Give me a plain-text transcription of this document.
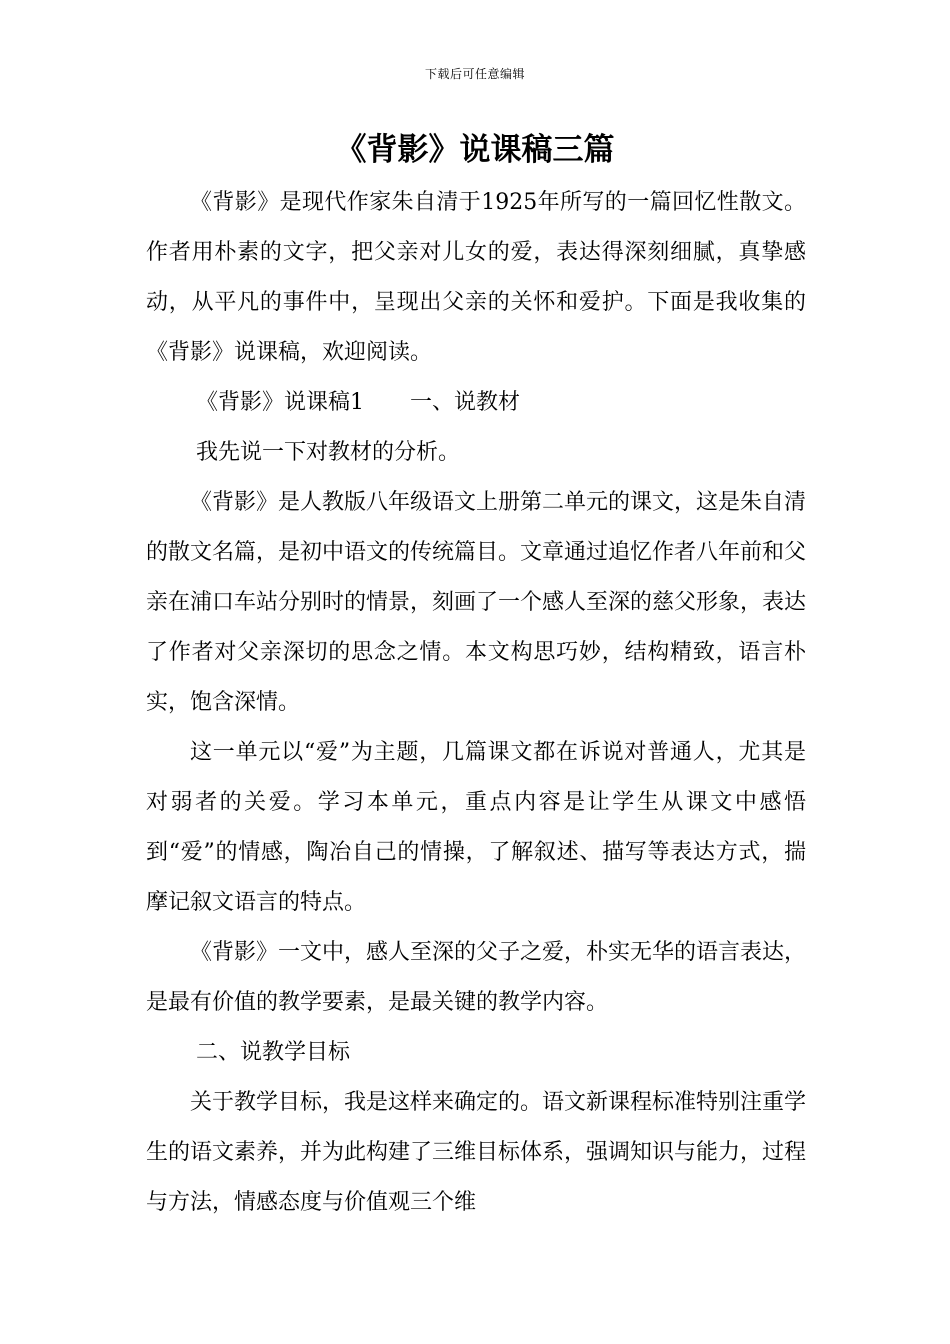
下载后可任意编辑
《背影》说课稿三篇

《背影》是现代作家朱自清于1925年所写的一篇回忆性散文。作者用朴素的文字，把父亲对儿女的爱，表达得深刻细腻，真挚感动，从平凡的事件中，呈现出父亲的关怀和爱护。下面是我收集的《背影》说课稿，欢迎阅读。

《背影》说课稿1 一、说教材

我先说一下对教材的分析。

《背影》是人教版八年级语文上册第二单元的课文，这是朱自清的散文名篇，是初中语文的传统篇目。文章通过追忆作者八年前和父亲在浦口车站分别时的情景，刻画了一个感人至深的慈父形象，表达了作者对父亲深切的思念之情。本文构思巧妙，结构精致，语言朴实，饱含深情。

这一单元以“爱”为主题，几篇课文都在诉说对普通人，尤其是对弱者的关爱。学习本单元，重点内容是让学生从课文中感悟到“爱”的情感，陶冶自己的情操，了解叙述、描写等表达方式，揣摩记叙文语言的特点。

《背影》一文中，感人至深的父子之爱，朴实无华的语言表达，是最有价值的教学要素，是最关键的教学内容。

二、说教学目标

关于教学目标，我是这样来确定的。语文新课程标准特别注重学生的语文素养，并为此构建了三维目标体系，强调知识与能力，过程与方法，情感态度与价值观三个维
